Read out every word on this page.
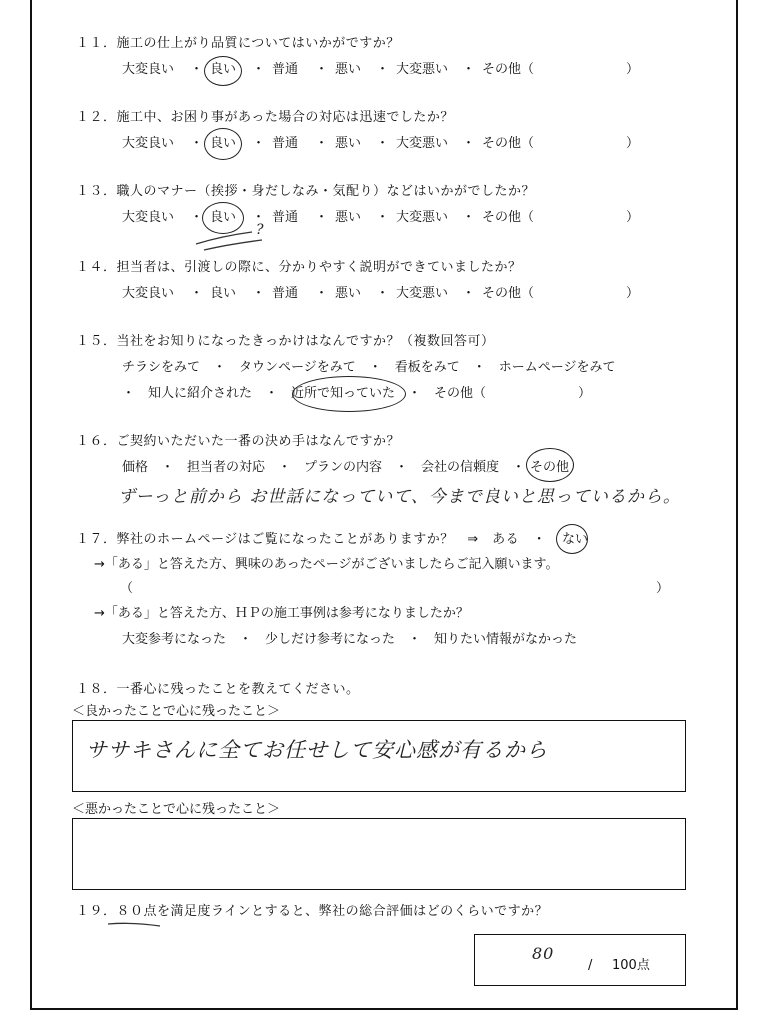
１１．施工の仕上がり品質についてはいかがですか？
大変良い ・ 良い ・ 普通 ・ 悪い ・ 大変悪い ・ その他（	）
１２．施工中、お困り事があった場合の対応は迅速でしたか？
大変良い ・ 良い ・ 普通 ・ 悪い ・ 大変悪い ・ その他（	）
１３．職人のマナー（挨拶・身だしなみ・気配り）などはいかがでしたか？
大変良い ・ 良い ・ 普通 ・ 悪い ・ 大変悪い ・ その他（	）
１４．担当者は、引渡しの際に、分かりやすく説明ができていましたか？
大変良い ・ 良い ・ 普通 ・ 悪い ・ 大変悪い ・ その他（	）
?
１５．当社をお知りになったきっかけはなんですか？（複数回答可）
チラシをみて　・　タウンページをみて　・　看板をみて　・　ホームページをみて
・　知人に紹介された　・　近所で知っていた　・　その他（	）
１６．ご契約いただいた一番の決め手はなんですか？
価格　・　担当者の対応　・　プランの内容　・　会社の信頼度　・ その他
ずーっと前から お世話になっていて、今まで良いと思っているから。
１７．弊社のホームページはご覧になったことがありますか？　⇒　ある　・ ない
→「ある」と答えた方、興味のあったページがございましたらご記入願います。
（	）
→「ある」と答えた方、ＨＰの施工事例は参考になりましたか？
大変参考になった　・　少しだけ参考になった　・　知りたい情報がなかった
１８．一番心に残ったことを教えてください。
＜良かったことで心に残ったこと＞
ササキさんに全てお任せして安心感が有るから
＜悪かったことで心に残ったこと＞
１９．８０点を満足度ラインとすると、弊社の総合評価はどのくらいですか？
80
/ 100点
